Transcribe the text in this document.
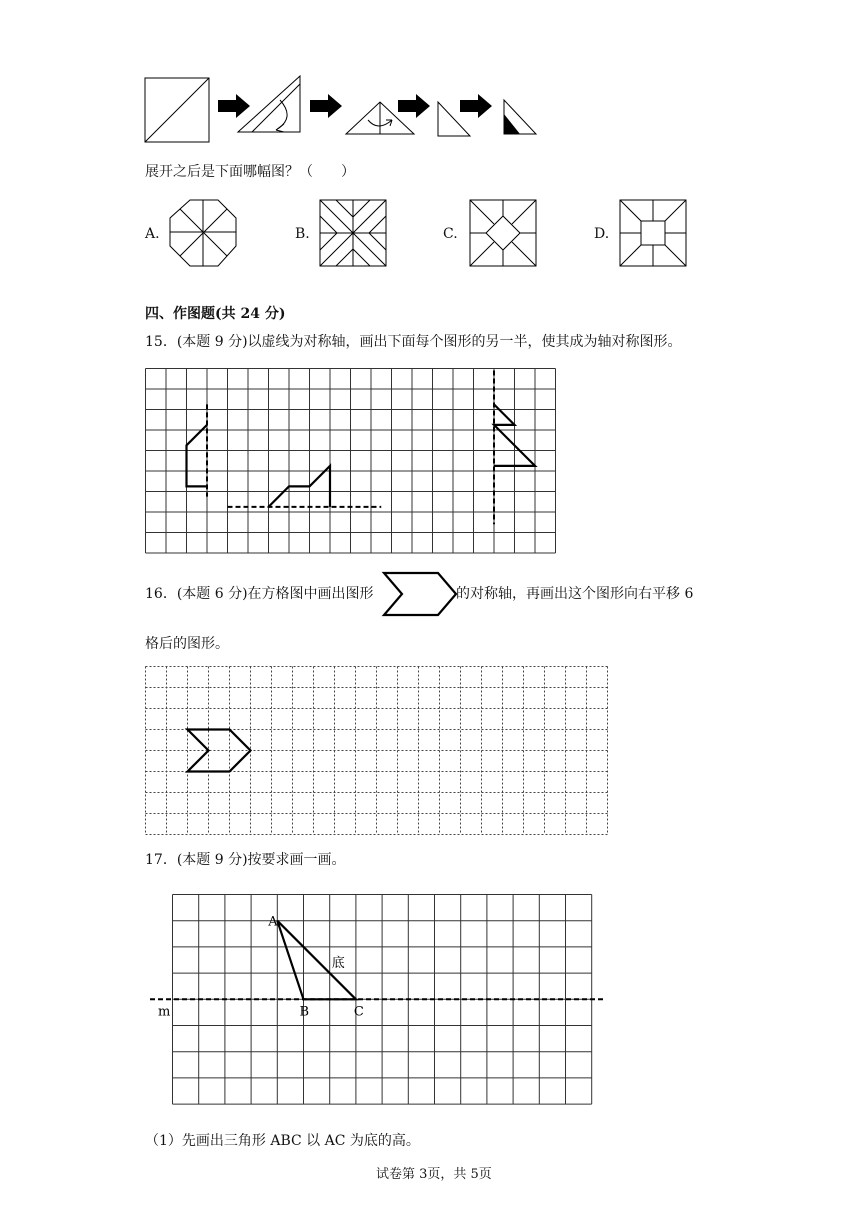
展开之后是下面哪幅图？（　　）
A.	B.	C.	D.
四、作图题(共 24 分)
15．(本题 9 分)以虚线为对称轴，画出下面每个图形的另一半，使其成为轴对称图形。
16．(本题 6 分)在方格图中画出图形	的对称轴，再画出这个图形向右平移 6
格后的图形。
17．(本题 9 分)按要求画一画。
A
B	C
底
m
（1）先画出三角形 ABC 以 AC 为底的高。
试卷第 3页，共 5页
